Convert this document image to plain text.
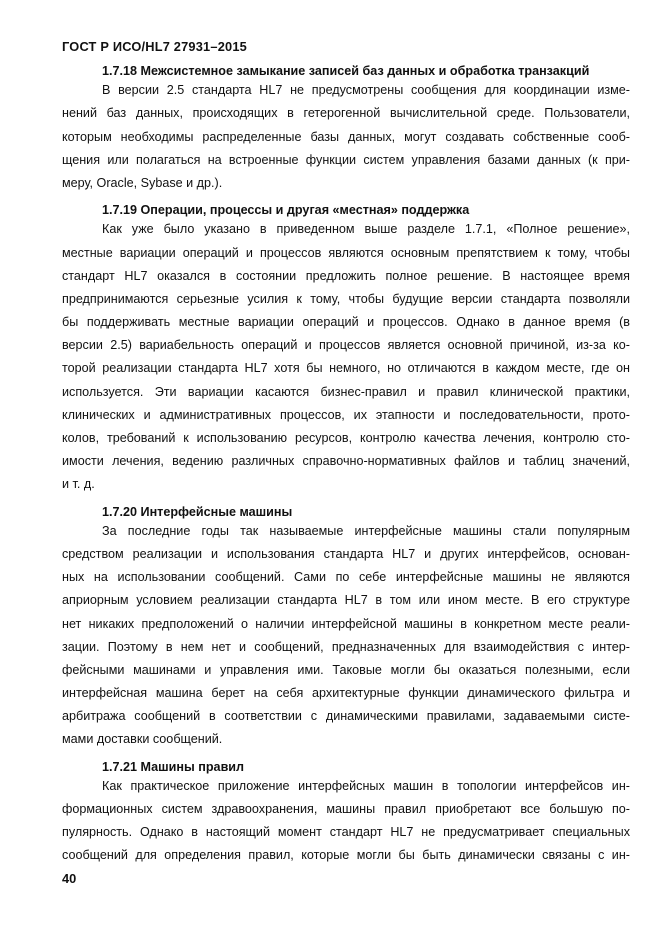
ГОСТ Р ИСО/HL7 27931–2015
1.7.18 Межсистемное замыкание записей баз данных и обработка транзакций
В версии 2.5 стандарта HL7 не предусмотрены сообщения для координации изме-
нений баз данных, происходящих в гетерогенной вычислительной среде. Пользователи,
которым необходимы распределенные базы данных, могут создавать собственные сооб-
щения или полагаться на встроенные функции систем управления базами данных (к при-
меру, Oracle, Sybase и др.).
1.7.19 Операции, процессы и другая «местная» поддержка
Как уже было указано в приведенном выше разделе 1.7.1, «Полное решение»,
местные вариации операций и процессов являются основным препятствием к тому, чтобы
стандарт HL7 оказался в состоянии предложить полное решение. В настоящее время
предпринимаются серьезные усилия к тому, чтобы будущие версии стандарта позволяли
бы поддерживать местные вариации операций и процессов. Однако в данное время (в
версии 2.5) вариабельность операций и процессов является основной причиной, из-за ко-
торой реализации стандарта HL7 хотя бы немного, но отличаются в каждом месте, где он
используется. Эти вариации касаются бизнес-правил и правил клинической практики,
клинических и административных процессов, их этапности и последовательности, прото-
колов, требований к использованию ресурсов, контролю качества лечения, контролю сто-
имости лечения, ведению различных справочно-нормативных файлов и таблиц значений,
и т. д.
1.7.20 Интерфейсные машины
За последние годы так называемые интерфейсные машины стали популярным
средством реализации и использования стандарта HL7 и других интерфейсов, основан-
ных на использовании сообщений. Сами по себе интерфейсные машины не являются
априорным условием реализации стандарта HL7 в том или ином месте. В его структуре
нет никаких предположений о наличии интерфейсной машины в конкретном месте реали-
зации. Поэтому в нем нет и сообщений, предназначенных для взаимодействия с интер-
фейсными машинами и управления ими. Таковые могли бы оказаться полезными, если
интерфейсная машина берет на себя архитектурные функции динамического фильтра и
арбитража сообщений в соответствии с динамическими правилами, задаваемыми систе-
мами доставки сообщений.
1.7.21 Машины правил
Как практическое приложение интерфейсных машин в топологии интерфейсов ин-
формационных систем здравоохранения, машины правил приобретают все большую по-
пулярность. Однако в настоящий момент стандарт HL7 не предусматривает специальных
сообщений для определения правил, которые могли бы быть динамически связаны с ин-
40
